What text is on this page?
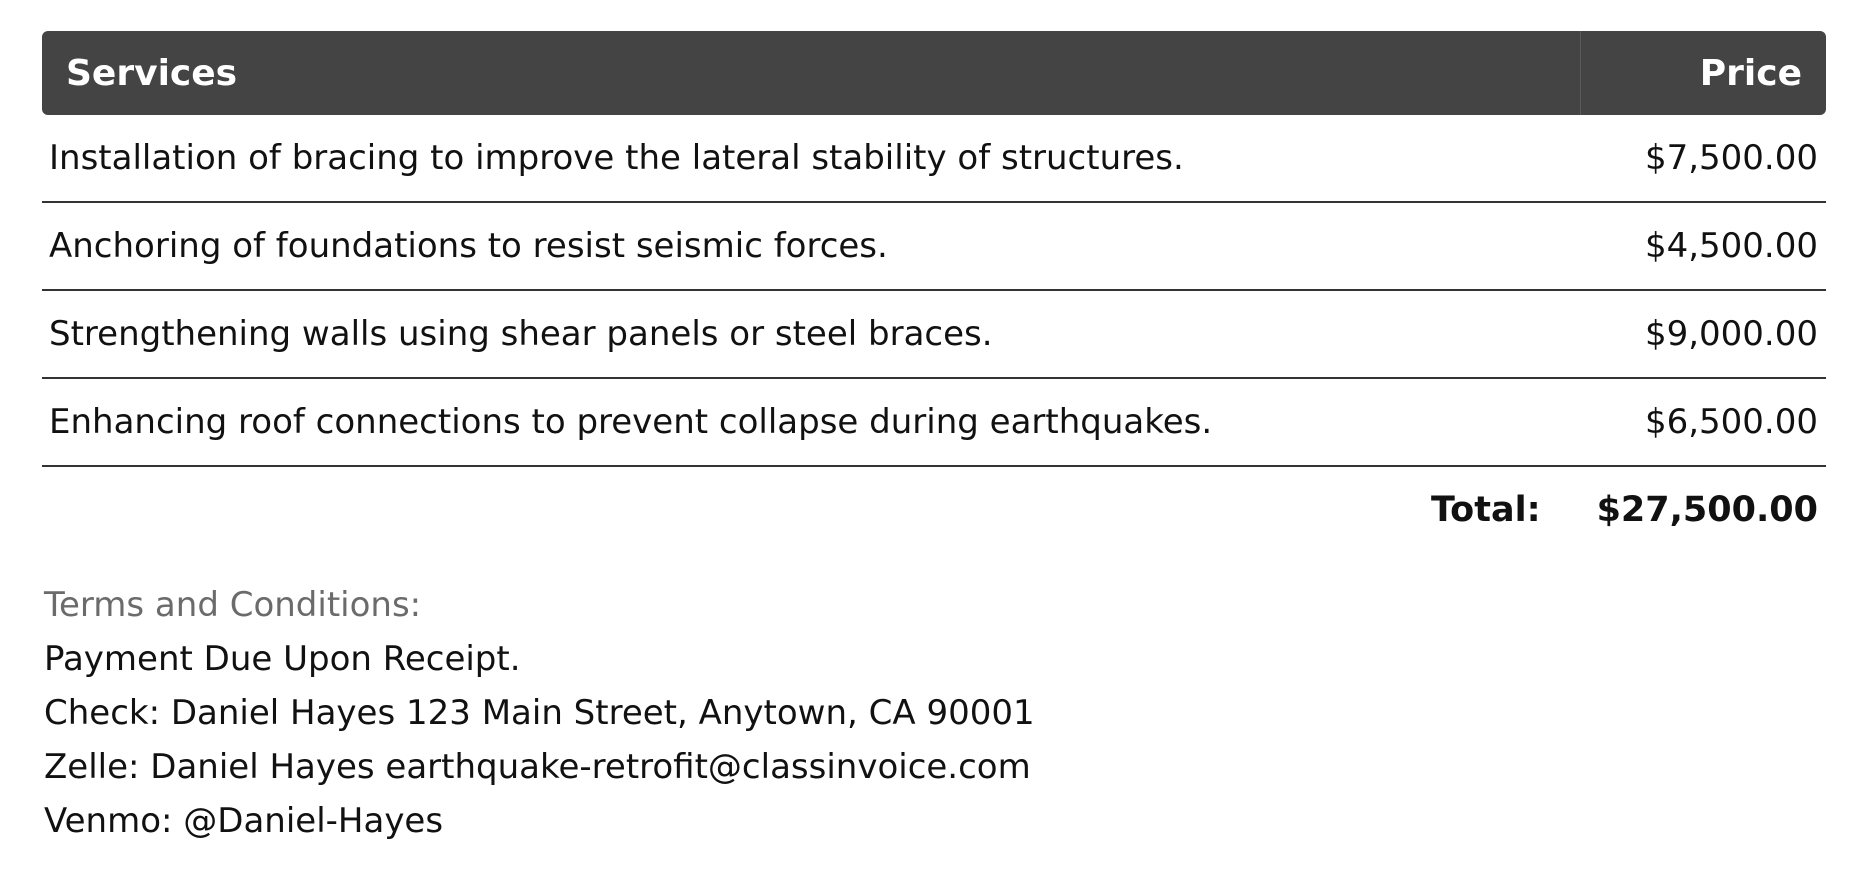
Services	Price
Installation of bracing to improve the lateral stability of structures.	$7,500.00
Anchoring of foundations to resist seismic forces.	$4,500.00
Strengthening walls using shear panels or steel braces.	$9,000.00
Enhancing roof connections to prevent collapse during earthquakes.	$6,500.00
Total: $27,500.00
Terms and Conditions:
Payment Due Upon Receipt.
Check: Daniel Hayes 123 Main Street, Anytown, CA 90001
Zelle: Daniel Hayes earthquake-retrofit@classinvoice.com
Venmo: @Daniel-Hayes
